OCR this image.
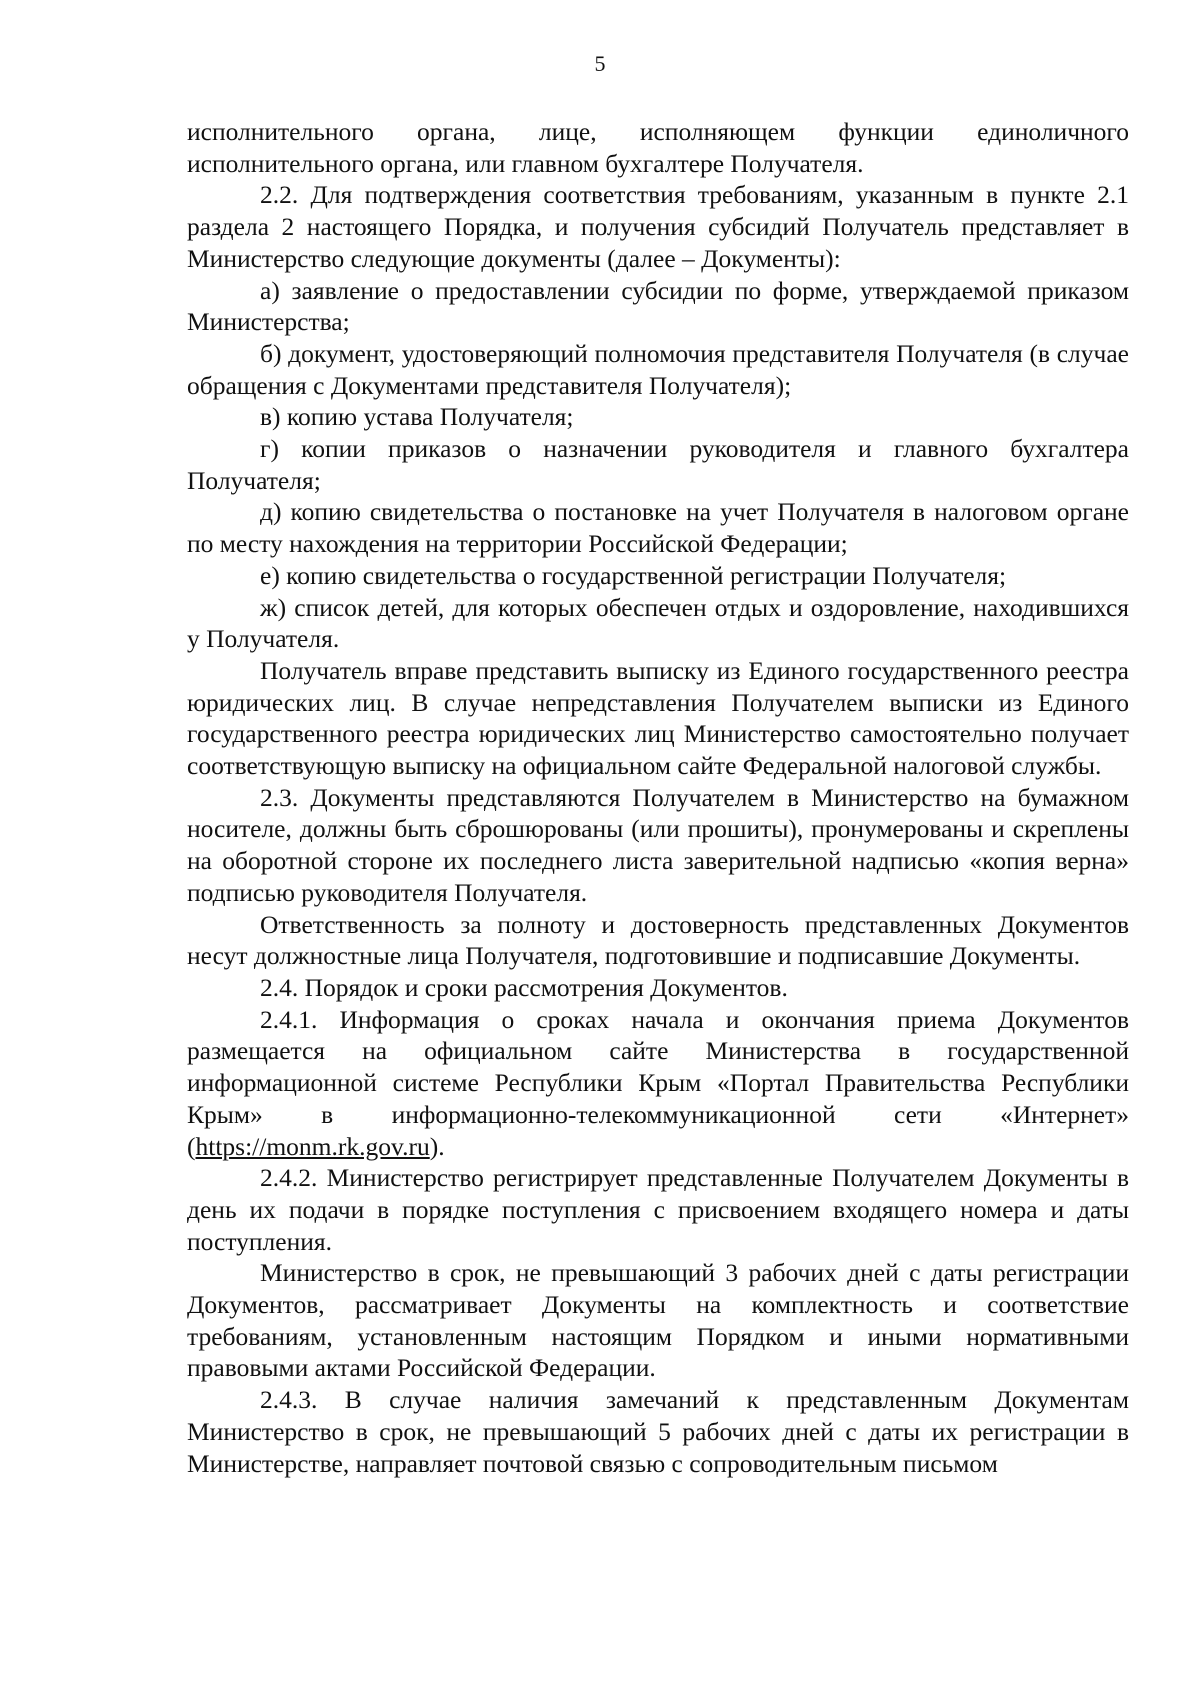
5

исполнительного органа, лице, исполняющем функции единоличного исполнительного органа, или главном бухгалтере Получателя.

2.2. Для подтверждения соответствия требованиям, указанным в пункте 2.1 раздела 2 настоящего Порядка, и получения субсидий Получатель представляет в Министерство следующие документы (далее – Документы):

а) заявление о предоставлении субсидии по форме, утверждаемой приказом Министерства;

б) документ, удостоверяющий полномочия представителя Получателя (в случае обращения с Документами представителя Получателя);

в) копию устава Получателя;

г) копии приказов о назначении руководителя и главного бухгалтера Получателя;

д) копию свидетельства о постановке на учет Получателя в налоговом органе по месту нахождения на территории Российской Федерации;

е) копию свидетельства о государственной регистрации Получателя;

ж) список детей, для которых обеспечен отдых и оздоровление, находившихся у Получателя.

Получатель вправе представить выписку из Единого государственного реестра юридических лиц. В случае непредставления Получателем выписки из Единого государственного реестра юридических лиц Министерство самостоятельно получает соответствующую выписку на официальном сайте Федеральной налоговой службы.

2.3. Документы представляются Получателем в Министерство на бумажном носителе, должны быть сброшюрованы (или прошиты), пронумерованы и скреплены на оборотной стороне их последнего листа заверительной надписью «копия верна» подписью руководителя Получателя.

Ответственность за полноту и достоверность представленных Документов несут должностные лица Получателя, подготовившие и подписавшие Документы.

2.4. Порядок и сроки рассмотрения Документов.

2.4.1. Информация о сроках начала и окончания приема Документов размещается на официальном сайте Министерства в государственной информационной системе Республики Крым «Портал Правительства Республики Крым» в информационно-телекоммуникационной сети «Интернет» (https://monm.rk.gov.ru).

2.4.2. Министерство регистрирует представленные Получателем Документы в день их подачи в порядке поступления с присвоением входящего номера и даты поступления.

Министерство в срок, не превышающий 3 рабочих дней с даты регистрации Документов, рассматривает Документы на комплектность и соответствие требованиям, установленным настоящим Порядком и иными нормативными правовыми актами Российской Федерации.

2.4.3. В случае наличия замечаний к представленным Документам Министерство в срок, не превышающий 5 рабочих дней с даты их регистрации в Министерстве, направляет почтовой связью с сопроводительным письмом
